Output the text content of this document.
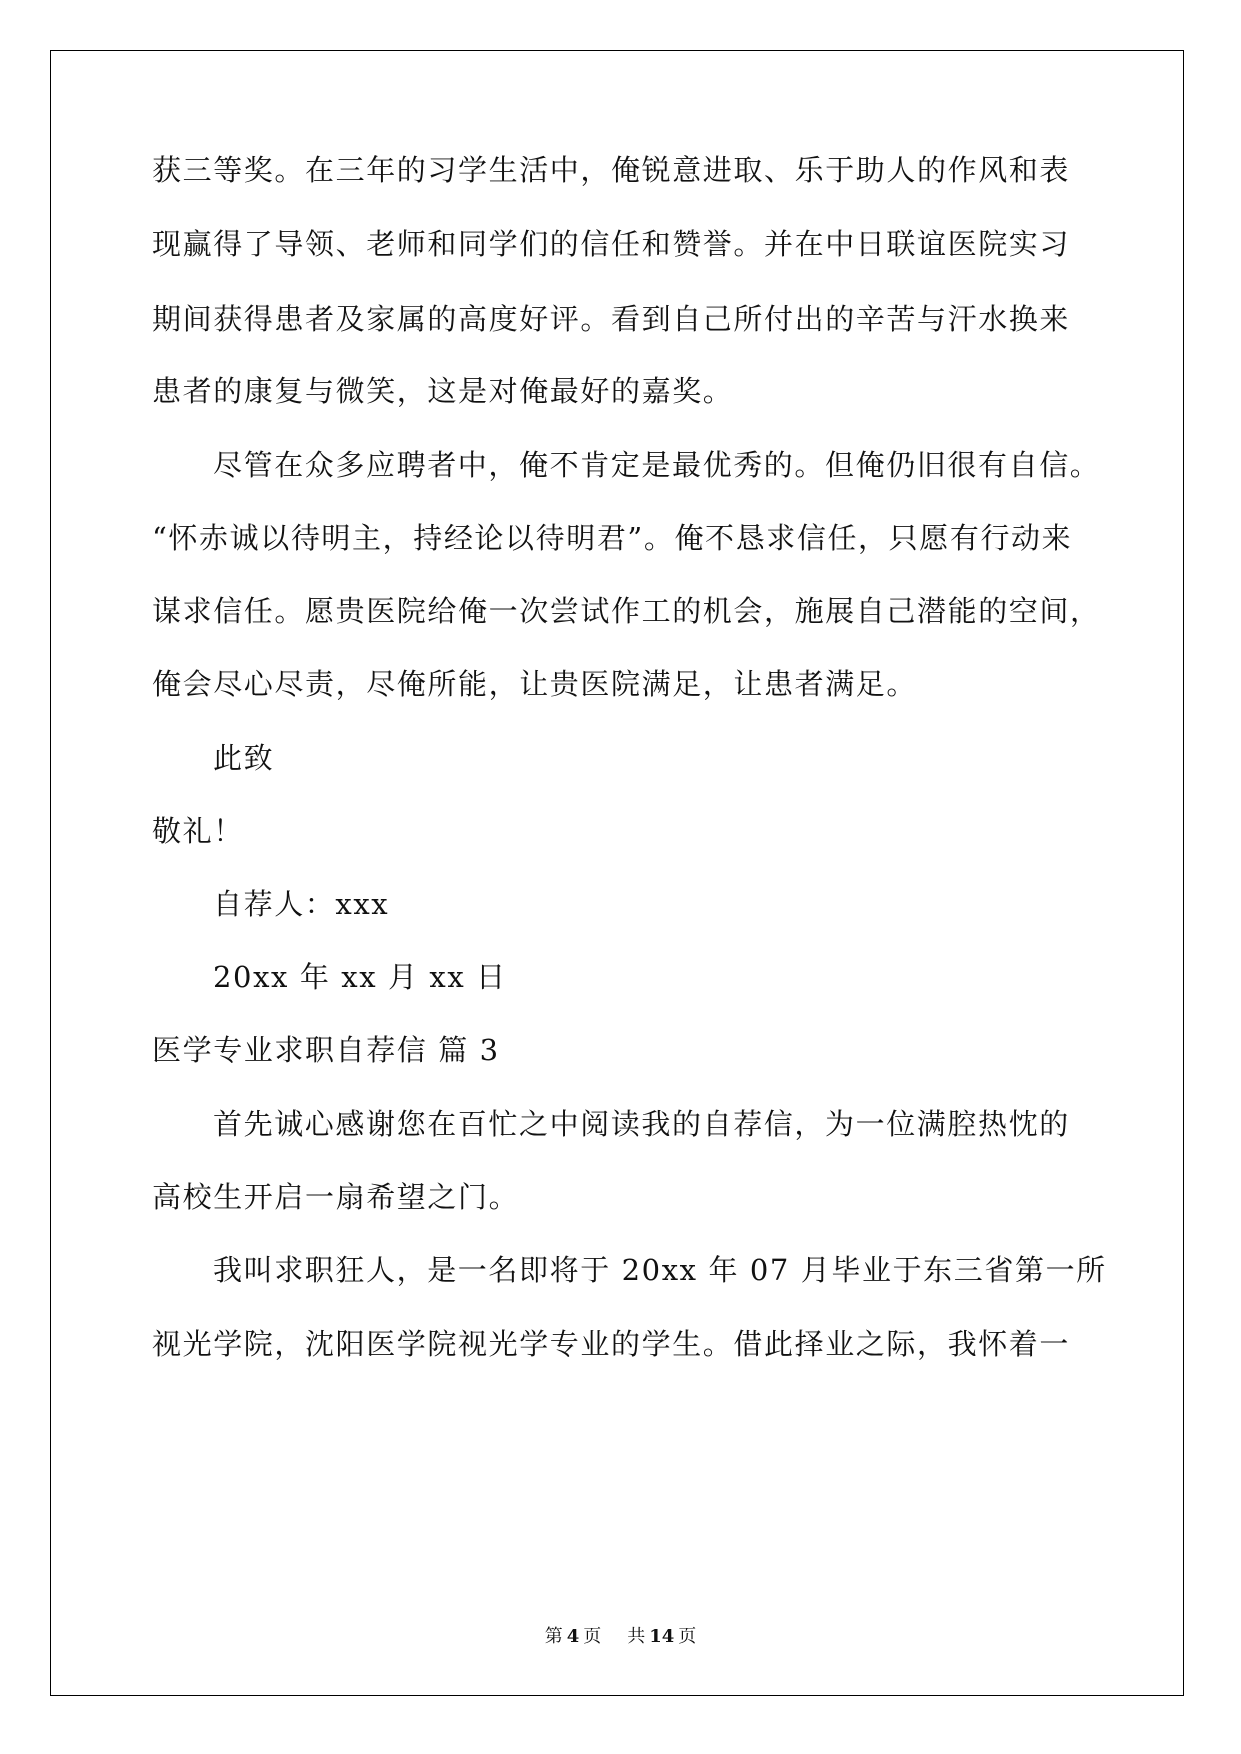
获三等奖。在三年的习学生活中，俺锐意进取、乐于助人的作风和表
现赢得了导领、老师和同学们的信任和赞誉。并在中日联谊医院实习
期间获得患者及家属的高度好评。看到自己所付出的辛苦与汗水换来
患者的康复与微笑，这是对俺最好的嘉奖。
尽管在众多应聘者中，俺不肯定是最优秀的。但俺仍旧很有自信。
“怀赤诚以待明主，持经论以待明君”。俺不恳求信任，只愿有行动来
谋求信任。愿贵医院给俺一次尝试作工的机会，施展自己潜能的空间，
俺会尽心尽责，尽俺所能，让贵医院满足，让患者满足。
此致
敬礼！
自荐人：xxx
20xx 年 xx 月 xx 日
医学专业求职自荐信 篇 3
首先诚心感谢您在百忙之中阅读我的自荐信，为一位满腔热忱的
高校生开启一扇希望之门。
我叫求职狂人，是一名即将于 20xx 年 07 月毕业于东三省第一所
视光学院，沈阳医学院视光学专业的学生。借此择业之际，我怀着一
第 4 页 共 14 页
